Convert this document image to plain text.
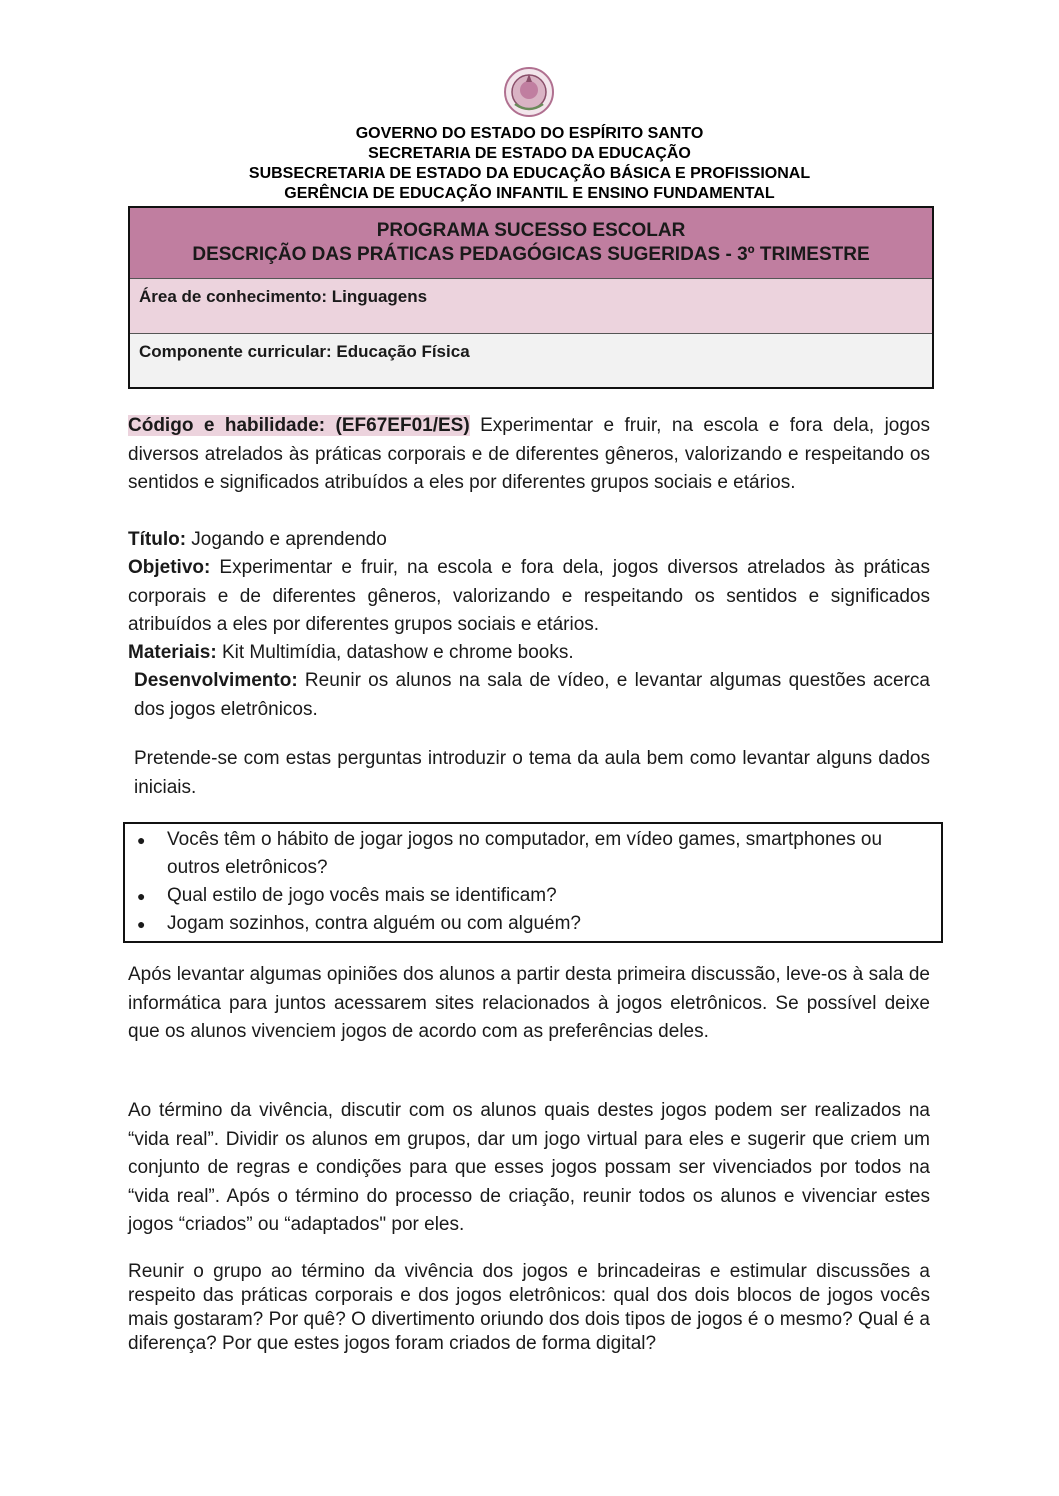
GOVERNO DO ESTADO DO ESPÍRITO SANTO
SECRETARIA DE ESTADO DA EDUCAÇÃO
SUBSECRETARIA DE ESTADO DA EDUCAÇÃO BÁSICA E PROFISSIONAL
GERÊNCIA DE EDUCAÇÃO INFANTIL E ENSINO FUNDAMENTAL
PROGRAMA SUCESSO ESCOLAR
DESCRIÇÃO DAS PRÁTICAS PEDAGÓGICAS SUGERIDAS - 3º TRIMESTRE
Área de conhecimento: Linguagens
Componente curricular: Educação Física
Código e habilidade: (EF67EF01/ES) Experimentar e fruir, na escola e fora dela, jogos diversos atrelados às práticas corporais e de diferentes gêneros, valorizando e respeitando os sentidos e significados atribuídos a eles por diferentes grupos sociais e etários.
Título: Jogando e aprendendo
Objetivo: Experimentar e fruir, na escola e fora dela, jogos diversos atrelados às práticas corporais e de diferentes gêneros, valorizando e respeitando os sentidos e significados atribuídos a eles por diferentes grupos sociais e etários.
Materiais: Kit Multimídia, datashow e chrome books.
Desenvolvimento: Reunir os alunos na sala de vídeo, e levantar algumas questões acerca dos jogos eletrônicos.
Pretende-se com estas perguntas introduzir o tema da aula bem como levantar alguns dados iniciais.
● Vocês têm o hábito de jogar jogos no computador, em vídeo games, smartphones ou outros eletrônicos?
● Qual estilo de jogo vocês mais se identificam?
● Jogam sozinhos, contra alguém ou com alguém?
Após levantar algumas opiniões dos alunos a partir desta primeira discussão, leve-os à sala de informática para juntos acessarem sites relacionados à jogos eletrônicos. Se possível deixe que os alunos vivenciem jogos de acordo com as preferências deles.
Ao término da vivência, discutir com os alunos quais destes jogos podem ser realizados na “vida real”. Dividir os alunos em grupos, dar um jogo virtual para eles e sugerir que criem um conjunto de regras e condições para que esses jogos possam ser vivenciados por todos na “vida real”. Após o término do processo de criação, reunir todos os alunos e vivenciar estes jogos “criados” ou “adaptados" por eles.
Reunir o grupo ao término da vivência dos jogos e brincadeiras e estimular discussões a respeito das práticas corporais e dos jogos eletrônicos: qual dos dois blocos de jogos vocês mais gostaram? Por quê? O divertimento oriundo dos dois tipos de jogos é o mesmo? Qual é a diferença? Por que estes jogos foram criados de forma digital?
